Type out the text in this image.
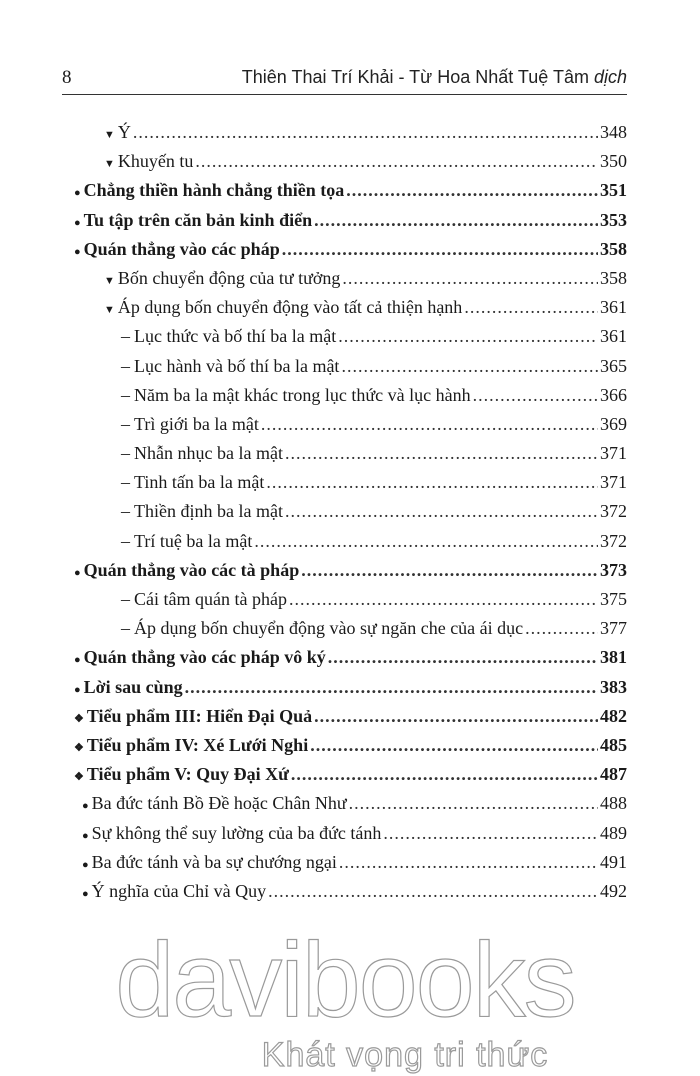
8	Thiên Thai Trí Khải - Từ Hoa Nhất Tuệ Tâm dịch
▼ Ý .....	348
▼ Khuyến tu .....	350
● Chẳng thiền hành chẳng thiền tọa .....	351
● Tu tập trên căn bản kinh điển .....	353
● Quán thẳng vào các pháp .....	358
▼ Bốn chuyển động của tư tưởng .....	358
▼ Áp dụng bốn chuyển động vào tất cả thiện hạnh .....	361
– Lục thức và bố thí ba la mật .....	361
– Lục hành và bố thí ba la mật .....	365
– Năm ba la mật khác trong lục thức và lục hành .....	366
– Trì giới ba la mật .....	369
– Nhẫn nhục ba la mật .....	371
– Tinh tấn ba la mật .....	371
– Thiền định ba la mật .....	372
– Trí tuệ ba la mật .....	372
● Quán thẳng vào các tà pháp .....	373
– Cái tâm quán tà pháp .....	375
– Áp dụng bốn chuyển động vào sự ngăn che của ái dục .....	377
● Quán thẳng vào các pháp vô ký .....	381
● Lời sau cùng .....	383
❖ Tiểu phẩm III: Hiển Đại Quả .....	482
❖ Tiểu phẩm IV: Xé Lưới Nghi .....	485
❖ Tiểu phẩm V: Quy Đại Xứ .....	487
● Ba đức tánh Bồ Đề hoặc Chân Như .....	488
● Sự không thể suy lường của ba đức tánh .....	489
● Ba đức tánh và ba sự chướng ngại .....	491
● Ý nghĩa của Chỉ và Quy .....	492
davibooks
Khát vọng tri thức
